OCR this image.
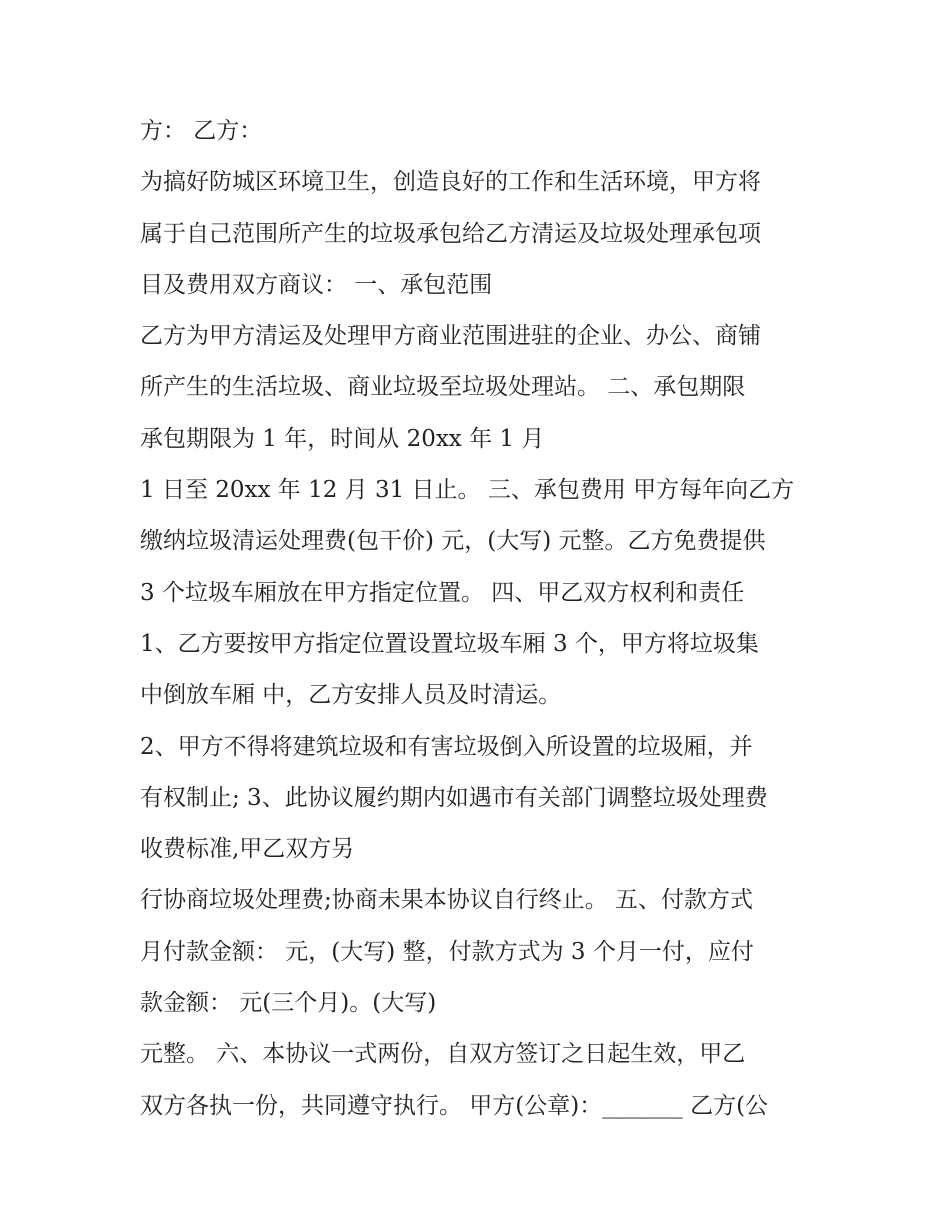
方： 乙方：
为搞好防城区环境卫生，创造良好的工作和生活环境，甲方将
属于自己范围所产生的垃圾承包给乙方清运及垃圾处理承包项
目及费用双方商议： 一、承包范围
乙方为甲方清运及处理甲方商业范围进驻的企业、办公、商铺
所产生的生活垃圾、商业垃圾至垃圾处理站。 二、承包期限
承包期限为 1 年，时间从 20xx 年 1 月
1 日至 20xx 年 12 月 31 日止。 三、承包费用 甲方每年向乙方
缴纳垃圾清运处理费(包干价) 元，(大写) 元整。乙方免费提供
3 个垃圾车厢放在甲方指定位置。 四、甲乙双方权利和责任
1、乙方要按甲方指定位置设置垃圾车厢 3 个，甲方将垃圾集
中倒放车厢 中，乙方安排人员及时清运。
2、甲方不得将建筑垃圾和有害垃圾倒入所设置的垃圾厢，并
有权制止; 3、此协议履约期内如遇市有关部门调整垃圾处理费
收费标准,甲乙双方另
行协商垃圾处理费;协商未果本协议自行终止。 五、付款方式
月付款金额： 元，(大写) 整，付款方式为 3 个月一付，应付
款金额： 元(三个月)。(大写)
元整。 六、本协议一式两份，自双方签订之日起生效，甲乙
双方各执一份，共同遵守执行。 甲方(公章)：_______ 乙方(公
